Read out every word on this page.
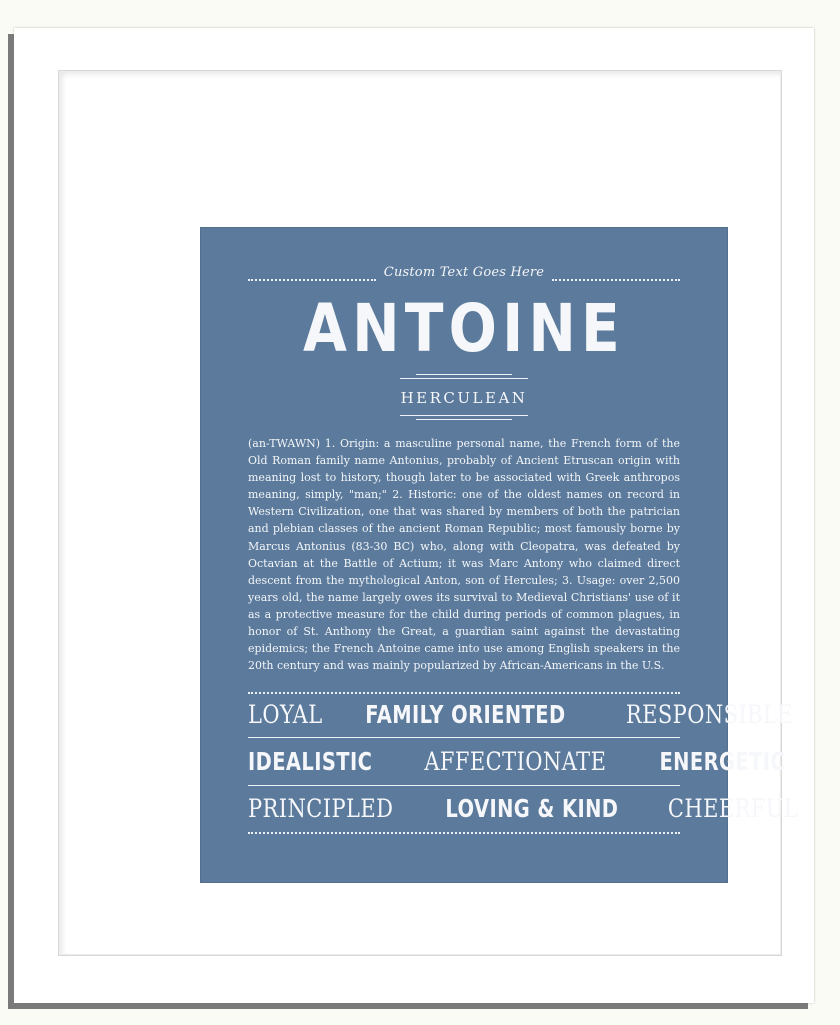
Custom Text Goes Here
ANTOINE
HERCULEAN
(an-TWAWN) 1. Origin: a masculine personal name, the French form of the Old Roman family name Antonius, probably of Ancient Etruscan origin with meaning lost to history, though later to be associated with Greek anthropos meaning, simply, "man;" 2. Historic: one of the oldest names on record in Western Civilization, one that was shared by members of both the patrician and plebian classes of the ancient Roman Republic; most famously borne by Marcus Antonius (83-30 BC) who, along with Cleopatra, was defeated by Octavian at the Battle of Actium; it was Marc Antony who claimed direct descent from the mythological Anton, son of Hercules; 3. Usage: over 2,500 years old, the name largely owes its survival to Medieval Christians' use of it as a protective measure for the child during periods of common plagues, in honor of St. Anthony the Great, a guardian saint against the devastating epidemics; the French Antoine came into use among English speakers in the 20th century and was mainly popularized by African-Americans in the U.S.
LOYAL FAMILY ORIENTED RESPONSIBLE
IDEALISTIC AFFECTIONATE ENERGETIC
PRINCIPLED LOVING & KIND CHEERFUL
